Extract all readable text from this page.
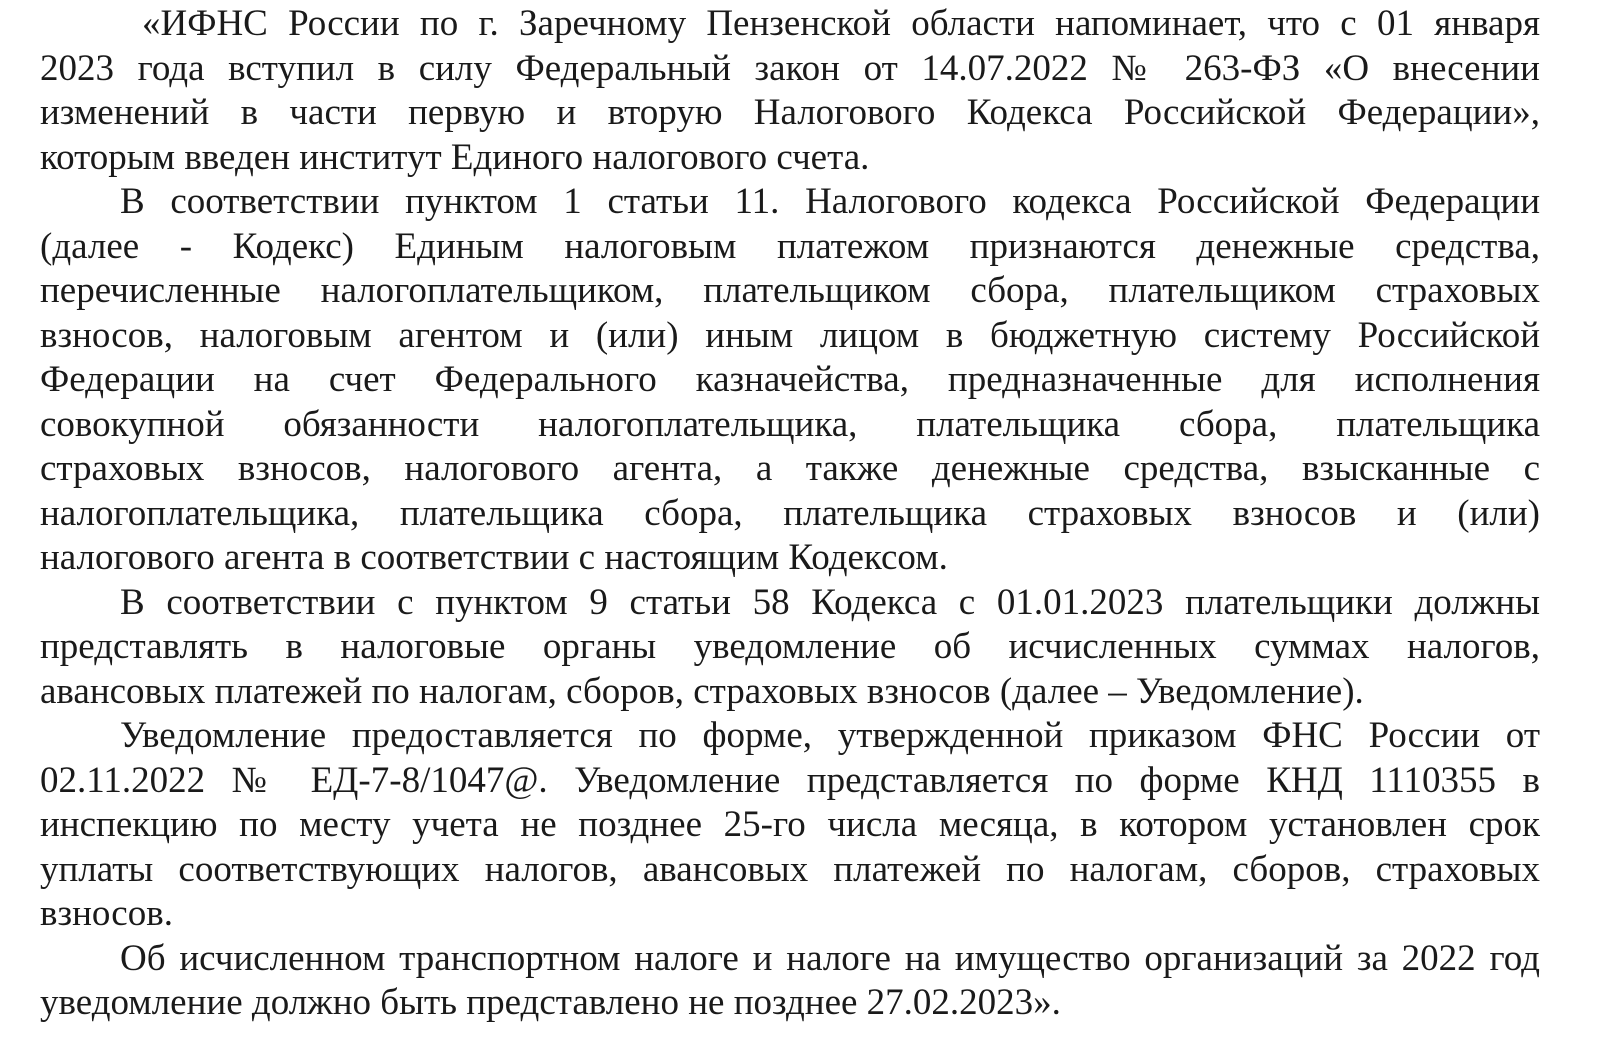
«ИФНС России по г. Заречному Пензенской области напоминает, что с 01 января
2023 года вступил в силу Федеральный закон от 14.07.2022 № 263-ФЗ «О внесении
изменений в части первую и вторую Налогового Кодекса Российской Федерации»,
которым введен институт Единого налогового счета.
В соответствии пунктом 1 статьи 11. Налогового кодекса Российской Федерации
(далее - Кодекс) Единым налоговым платежом признаются денежные средства,
перечисленные налогоплательщиком, плательщиком сбора, плательщиком страховых
взносов, налоговым агентом и (или) иным лицом в бюджетную систему Российской
Федерации на счет Федерального казначейства, предназначенные для исполнения
совокупной обязанности налогоплательщика, плательщика сбора, плательщика
страховых взносов, налогового агента, а также денежные средства, взысканные с
налогоплательщика, плательщика сбора, плательщика страховых взносов и (или)
налогового агента в соответствии с настоящим Кодексом.
В соответствии с пунктом 9 статьи 58 Кодекса с 01.01.2023 плательщики должны
представлять в налоговые органы уведомление об исчисленных суммах налогов,
авансовых платежей по налогам, сборов, страховых взносов (далее – Уведомление).
Уведомление предоставляется по форме, утвержденной приказом ФНС России от
02.11.2022 № ЕД-7-8/1047@. Уведомление представляется по форме КНД 1110355 в
инспекцию по месту учета не позднее 25-го числа месяца, в котором установлен срок
уплаты соответствующих налогов, авансовых платежей по налогам, сборов, страховых
взносов.
Об исчисленном транспортном налоге и налоге на имущество организаций за 2022 год
уведомление должно быть представлено не позднее 27.02.2023».
